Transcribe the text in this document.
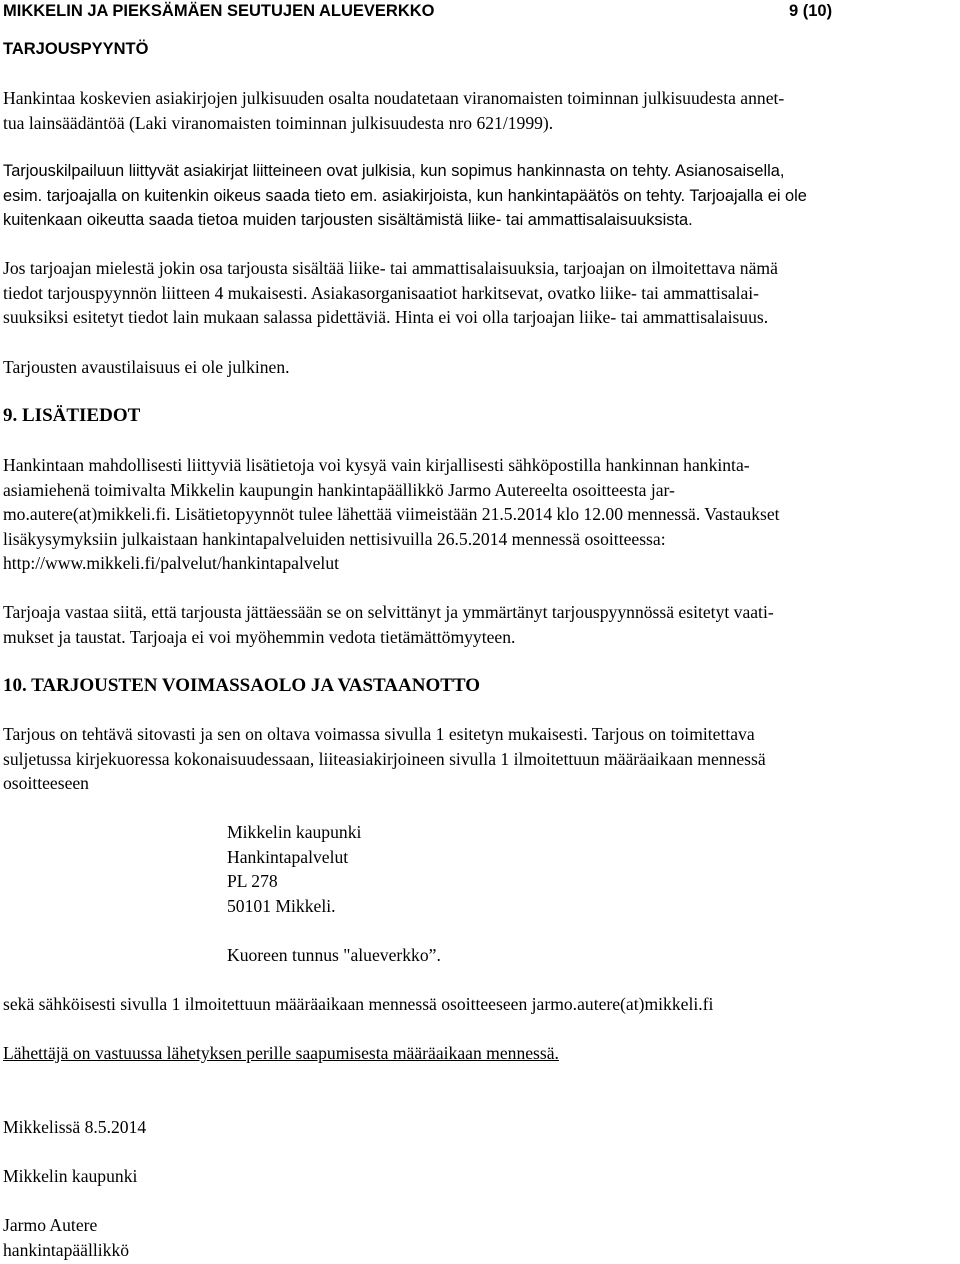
MIKKELIN JA PIEKSÄMÄEN SEUTUJEN ALUEVERKKO	9 (10)
TARJOUSPYYNTÖ
Hankintaa koskevien asiakirjojen julkisuuden osalta noudatetaan viranomaisten toiminnan julkisuudesta annet-
tua lainsäädäntöä (Laki viranomaisten toiminnan julkisuudesta nro 621/1999).
Tarjouskilpailuun liittyvät asiakirjat liitteineen ovat julkisia, kun sopimus hankinnasta on tehty. Asianosaisella,
esim. tarjoajalla on kuitenkin oikeus saada tieto em. asiakirjoista, kun hankintapäätös on tehty. Tarjoajalla ei ole
kuitenkaan oikeutta saada tietoa muiden tarjousten sisältämistä liike- tai ammattisalaisuuksista.
Jos tarjoajan mielestä jokin osa tarjousta sisältää liike- tai ammattisalaisuuksia, tarjoajan on ilmoitettava nämä
tiedot tarjouspyynnön liitteen 4 mukaisesti. Asiakasorganisaatiot harkitsevat, ovatko liike- tai ammattisalai-
suuksiksi esitetyt tiedot lain mukaan salassa pidettäviä. Hinta ei voi olla tarjoajan liike- tai ammattisalaisuus.
Tarjousten avaustilaisuus ei ole julkinen.
9. LISÄTIEDOT
Hankintaan mahdollisesti liittyviä lisätietoja voi kysyä vain kirjallisesti sähköpostilla hankinnan hankinta-
asiamiehenä toimivalta Mikkelin kaupungin hankintapäällikkö Jarmo Autereelta osoitteesta jar-
mo.autere(at)mikkeli.fi. Lisätietopyynnöt tulee lähettää viimeistään 21.5.2014 klo 12.00 mennessä. Vastaukset
lisäkysymyksiin julkaistaan hankintapalveluiden nettisivuilla 26.5.2014 mennessä osoitteessa:
http://www.mikkeli.fi/palvelut/hankintapalvelut
Tarjoaja vastaa siitä, että tarjousta jättäessään se on selvittänyt ja ymmärtänyt tarjouspyynnössä esitetyt vaati-
mukset ja taustat. Tarjoaja ei voi myöhemmin vedota tietämättömyyteen.
10. TARJOUSTEN VOIMASSAOLO JA VASTAANOTTO
Tarjous on tehtävä sitovasti ja sen on oltava voimassa sivulla 1 esitetyn mukaisesti. Tarjous on toimitettava
suljetussa kirjekuoressa kokonaisuudessaan, liiteasiakirjoineen sivulla 1 ilmoitettuun määräaikaan mennessä
osoitteeseen
Mikkelin kaupunki
Hankintapalvelut
PL 278
50101 Mikkeli.
Kuoreen tunnus "alueverkko”.
sekä sähköisesti sivulla 1 ilmoitettuun määräaikaan mennessä osoitteeseen jarmo.autere(at)mikkeli.fi
Lähettäjä on vastuussa lähetyksen perille saapumisesta määräaikaan mennessä.
Mikkelissä 8.5.2014
Mikkelin kaupunki
Jarmo Autere
hankintapäällikkö
